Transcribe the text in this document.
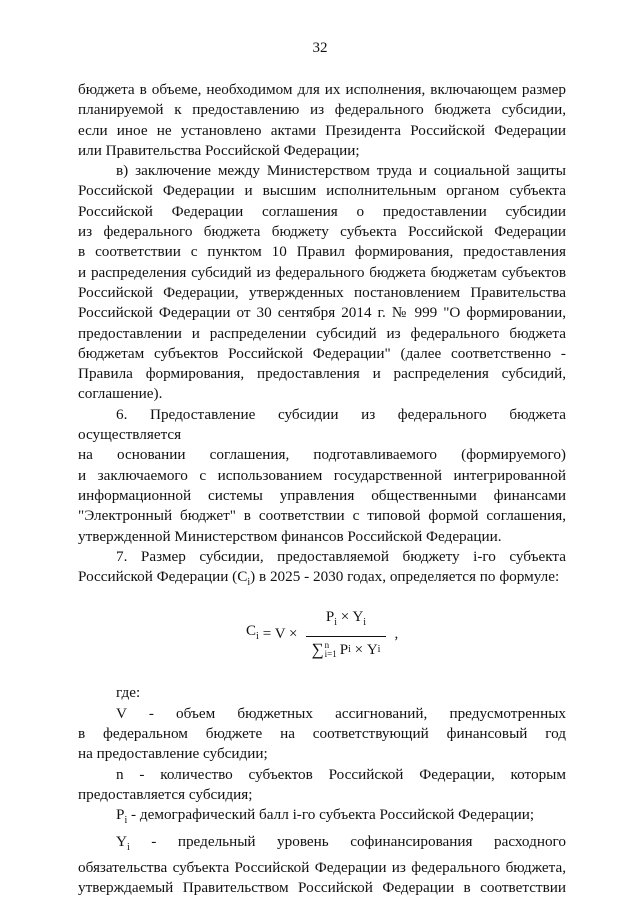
32

бюджета в объеме, необходимом для их исполнения, включающем размер
планируемой к предоставлению из федерального бюджета субсидии,
если иное не установлено актами Президента Российской Федерации
или Правительства Российской Федерации;

в) заключение между Министерством труда и социальной защиты
Российской Федерации и высшим исполнительным органом субъекта
Российской Федерации соглашения о предоставлении субсидии
из федерального бюджета бюджету субъекта Российской Федерации
в соответствии с пунктом 10 Правил формирования, предоставления
и распределения субсидий из федерального бюджета бюджетам субъектов
Российской Федерации, утвержденных постановлением Правительства
Российской Федерации от 30 сентября 2014 г. № 999 "О формировании,
предоставлении и распределении субсидий из федерального бюджета
бюджетам субъектов Российской Федерации" (далее соответственно -
Правила формирования, предоставления и распределения субсидий,
соглашение).

6. Предоставление субсидии из федерального бюджета осуществляется
на основании соглашения, подготавливаемого (формируемого)
и заключаемого с использованием государственной интегрированной
информационной системы управления общественными финансами
"Электронный бюджет" в соответствии с типовой формой соглашения,
утвержденной Министерством финансов Российской Федерации.

7. Размер субсидии, предоставляемой бюджету i-го субъекта
Российской Федерации $(C_i)$ в 2025 - 2030 годах, определяется по формуле:

$C_i = V$ ×
$P_i \times Y_i$
∑ n
i=1 P i
×
Y i
,

где:

V - объем бюджетных ассигнований, предусмотренных
в федеральном бюджете на соответствующий финансовый год
на предоставление субсидии;

n - количество субъектов Российской Федерации, которым
предоставляется субсидия;

$P_i$ - демографический балл i-го субъекта Российской Федерации;

$Y_i$ - предельный уровень софинансирования расходного
обязательства субъекта Российской Федерации из федерального бюджета,
утверждаемый Правительством Российской Федерации в соответствии
